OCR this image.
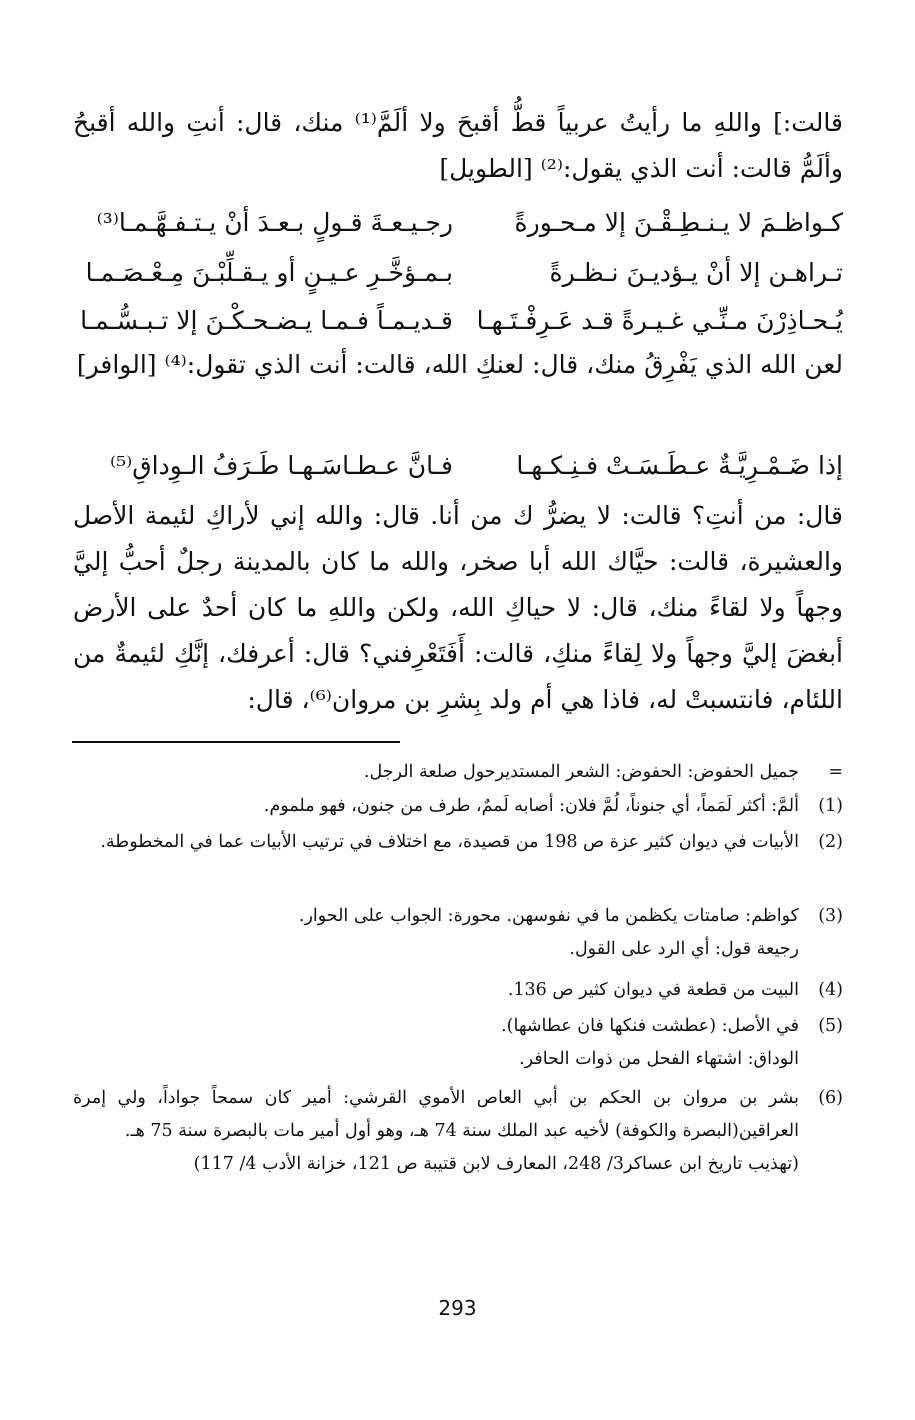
قالت:] واللهِ ما رأيتُ عربياً قطُّ أقبحَ ولا ألَمَّ⁽¹⁾ منك، قال: أنتِ والله أقبحُ وألَمُّ قالت: أنت الذي يقول:⁽²⁾ [الطويل]
كـواظـمَ لا يـنـطِـقْـنَ إلا مـحـورةً
رجـيـعـةَ قـولٍ بـعـدَ أنْ يـتـفـهَّـمـا⁽³⁾
تـراهـن إلا أنْ يـؤديـنَ نـظـرةً
بـمـؤخَّـرِ عـيـنٍ أو يـقـلِّبْـنَ مِـعْـصَـمـا
يُـحـاذِرْنَ مـنِّـي غـيـرةً قـد عَـرِفْـتَـهـا
قـديـمـاً فـمـا يـضـحـكْـنَ إلا تـبـسُّـمـا
لعن الله الذي يَفْرِقُ منك، قال: لعنكِ الله، قالت: أنت الذي تقول:⁽⁴⁾ [الوافر]
إذا ضَـمْـرِيَّـةٌ عـطَـسَـتْ فـنِـكـهـا
فـانَّ عـطـاسَـهـا طَـرَفُ الـوِداقِ⁽⁵⁾
قال: من أنتِ؟ قالت: لا يضرُّ ك من أنا. قال: والله إني لأراكِ لئيمة الأصل والعشيرة، قالت: حيَّاك الله أبا صخر، والله ما كان بالمدينة رجلٌ أحبُّ إليَّ وجهاً ولا لقاءً منك، قال: لا حياكِ الله، ولكن واللهِ ما كان أحدٌ على الأرض أبغضَ إليَّ وجهاً ولا لِقاءً منكِ، قالت: أَفَتَعْرِفني؟ قال: أعرفك، إنَّكِ لئيمةٌ من اللئام، فانتسبتْ له، فاذا هي أم ولد بِشرِ بن مروان⁽⁶⁾، قال:
=
جميل الحفوض: الحفوض: الشعر المستديرحول صلعة الرجل.
(1)
ألمَّ: أكثر لَمَماً، أي جنوناً، لُمَّ فلان: أصابه لَممٌ، طرف من جنون، فهو ملموم.
(2)
الأبيات في ديوان كثير عزة ص 198 من قصيدة، مع اختلاف في ترتيب الأبيات عما في المخطوطة.
(3)
كواظم: صامتات يكظمن ما في نفوسهن. محورة: الجواب على الحوار.
رجيعة قول: أي الرد على القول.
(4)
البيت من قطعة في ديوان كثير ص 136.
(5)
في الأصل: (عطشت فنكها فان عطاشها).
الوداق: اشتهاء الفحل من ذوات الحافر.
(6)
بشر بن مروان بن الحكم بن أبي العاص الأموي القرشي: أمير كان سمحاً جواداً، ولي إمرة العراقين(البصرة والكوفة) لأخيه عبد الملك سنة 74 هـ، وهو أول أمير مات بالبصرة سنة 75 هـ.
(تهذيب تاريخ ابن عساكر3/ 248، المعارف لابن قتيبة ص 121، خزانة الأدب 4/ 117)
293
